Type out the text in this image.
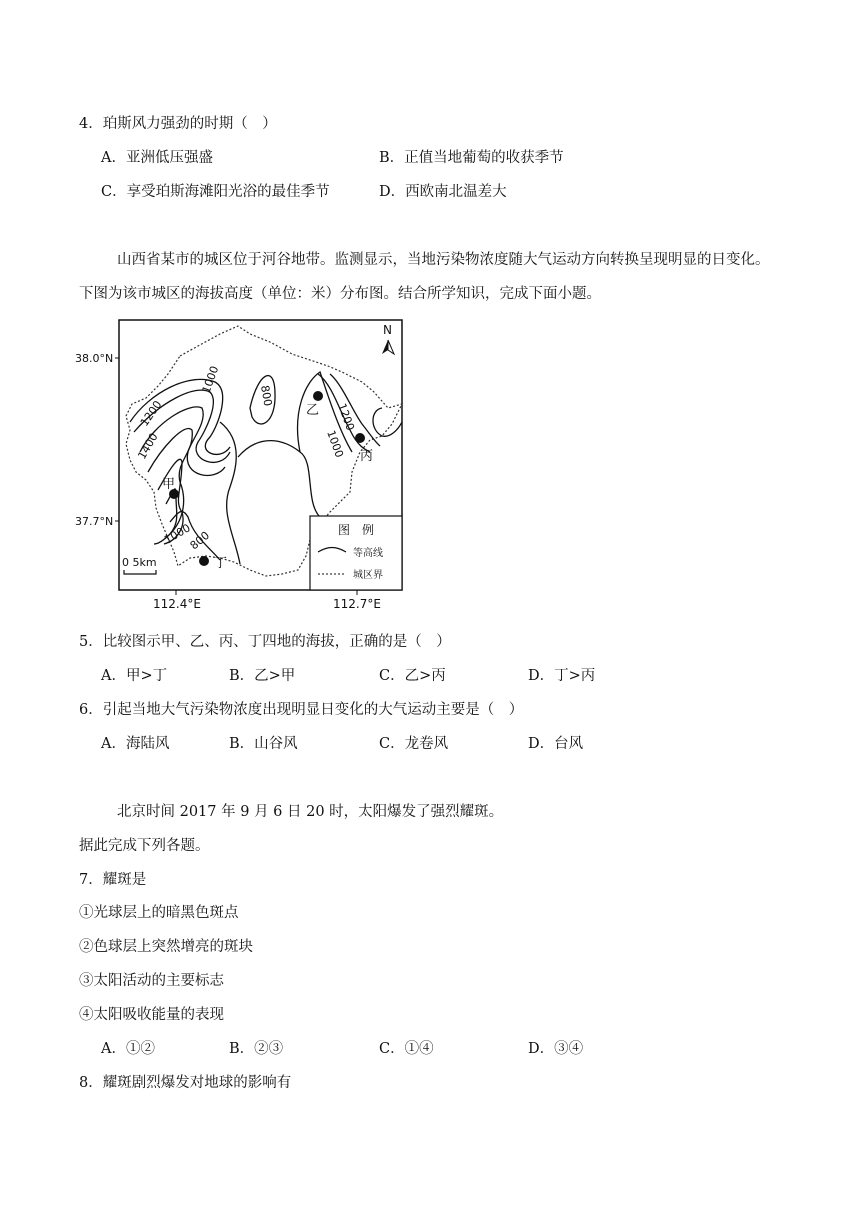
4．珀斯风力强劲的时期（　）
A．亚洲低压强盛	B．正值当地葡萄的收获季节
C．享受珀斯海滩阳光浴的最佳季节	D．西欧南北温差大
山西省某市的城区位于河谷地带。监测显示，当地污染物浓度随大气运动方向转换呈现明显的日变化。
下图为该市城区的海拔高度（单位：米）分布图。结合所学知识，完成下面小题。
1000
800
1200
1400
1200
1000
800
1000
甲
乙
丙
丁
N
0 5km
图　例
等高线
城区界
38.0°N
37.7°N
112.4°E	112.7°E
5．比较图示甲、乙、丙、丁四地的海拔，正确的是（　）
A．甲>丁	B．乙>甲	C．乙>丙	D．丁>丙
6．引起当地大气污染物浓度出现明显日变化的大气运动主要是（　）
A．海陆风	B．山谷风	C．龙卷风	D．台风
北京时间 2017 年 9 月 6 日 20 时，太阳爆发了强烈耀斑。
据此完成下列各题。
7．耀斑是
①光球层上的暗黑色斑点
②色球层上突然增亮的斑块
③太阳活动的主要标志
④太阳吸收能量的表现
A．①②	B．②③	C．①④	D．③④
8．耀斑剧烈爆发对地球的影响有
